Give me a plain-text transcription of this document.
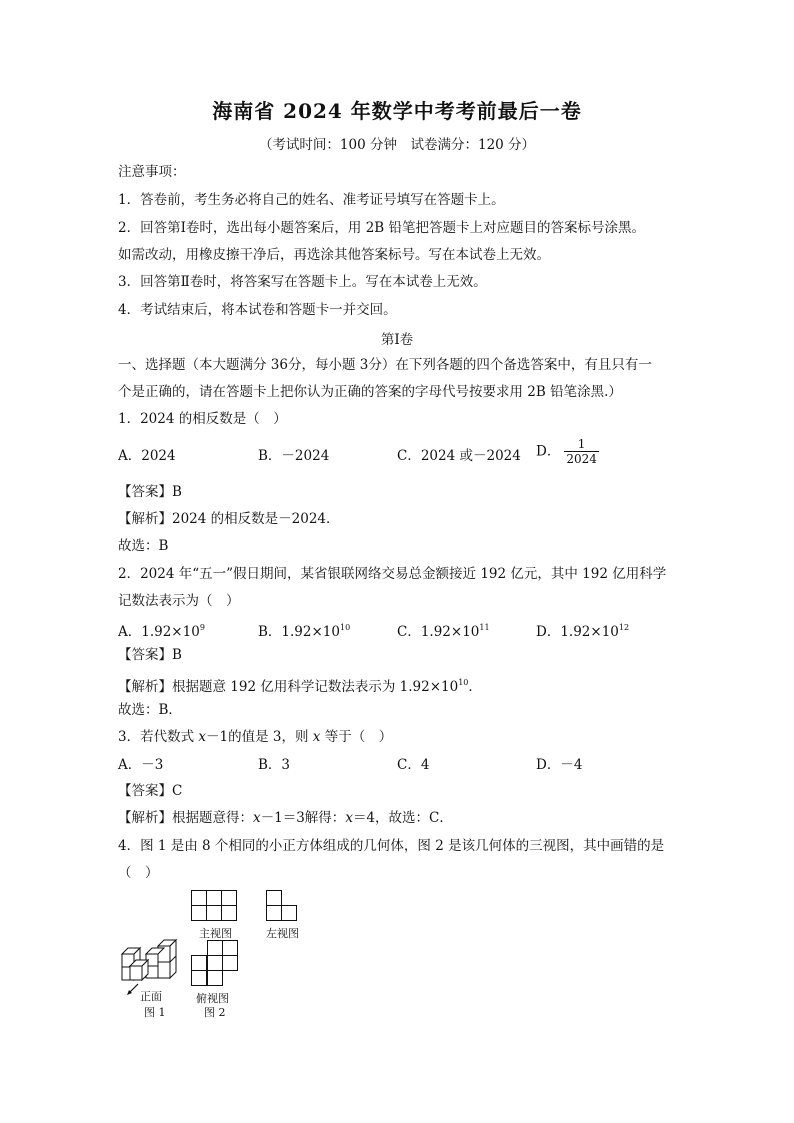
海南省 2024 年数学中考考前最后一卷
（考试时间：100 分钟　试卷满分：120 分）
注意事项：
1．答卷前，考生务必将自己的姓名、准考证号填写在答题卡上。
2．回答第Ⅰ卷时，选出每小题答案后，用 2B 铅笔把答题卡上对应题目的答案标号涂黑。
如需改动，用橡皮擦干净后，再选涂其他答案标号。写在本试卷上无效。
3．回答第Ⅱ卷时，将答案写在答题卡上。写在本试卷上无效。
4．考试结束后，将本试卷和答题卡一并交回。
第Ⅰ卷
一、选择题（本大题满分 36分，每小题 3分）在下列各题的四个备选答案中，有且只有一
个是正确的，请在答题卡上把你认为正确的答案的字母代号按要求用 2B 铅笔涂黑.）
1．2024 的相反数是（　）
A．2024	B．－2024	C．2024 或－2024 D． $\frac{1}{2024}$
【答案】B
【解析】2024 的相反数是－2024．
故选：B
2．2024 年“五一”假日期间，某省银联网络交易总金额接近 192 亿元，其中 192 亿用科学
记数法表示为（　）
A．$1.92\times 10^9$	B．$1.92\times 10^{10}$	C．$1.92\times 10^{11}$	D．$1.92\times 10^{12}$
【答案】B
【解析】根据题意 192 亿用科学记数法表示为 $1.92\times 10^{10}$．
故选：B．
3．若代数式 x－1的值是 3，则 x 等于（　）
A．－3	B．3	C．4	D．－4
【答案】C
【解析】根据题意得：x－1＝3解得：x＝4，故选：C．
4．图 1 是由 8 个相同的小正方体组成的几何体，图 2 是该几何体的三视图，其中画错的是
（　）
主视图	左视图
俯视图
图 2
正面
图 1
